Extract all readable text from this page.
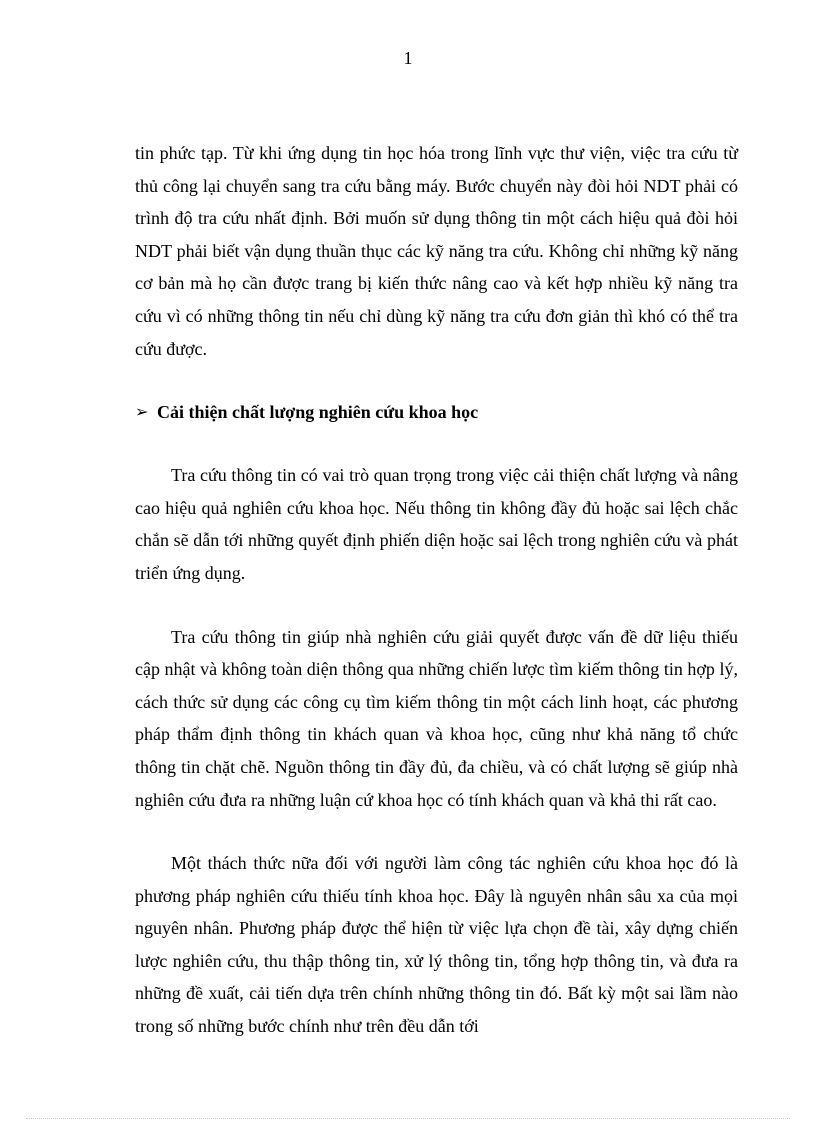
1

tin phức tạp. Từ khi ứng dụng tin học hóa trong lĩnh vực thư viện, việc tra cứu từ thủ công lại chuyển sang tra cứu bằng máy. Bước chuyển này đòi hỏi NDT phải có trình độ tra cứu nhất định. Bởi muốn sử dụng thông tin một cách hiệu quả đòi hỏi NDT phải biết vận dụng thuần thục các kỹ năng tra cứu. Không chỉ những kỹ năng cơ bản mà họ cần được trang bị kiến thức nâng cao và kết hợp nhiều kỹ năng tra cứu vì có những thông tin nếu chỉ dùng kỹ năng tra cứu đơn giản thì khó có thể tra cứu được.

➢ Cải thiện chất lượng nghiên cứu khoa học

Tra cứu thông tin có vai trò quan trọng trong việc cải thiện chất lượng và nâng cao hiệu quả nghiên cứu khoa học. Nếu thông tin không đầy đủ hoặc sai lệch chắc chắn sẽ dẫn tới những quyết định phiến diện hoặc sai lệch trong nghiên cứu và phát triển ứng dụng.

Tra cứu thông tin giúp nhà nghiên cứu giải quyết được vấn đề dữ liệu thiếu cập nhật và không toàn diện thông qua những chiến lược tìm kiếm thông tin hợp lý, cách thức sử dụng các công cụ tìm kiếm thông tin một cách linh hoạt, các phương pháp thẩm định thông tin khách quan và khoa học, cũng như khả năng tổ chức thông tin chặt chẽ. Nguồn thông tin đầy đủ, đa chiều, và có chất lượng sẽ giúp nhà nghiên cứu đưa ra những luận cứ khoa học có tính khách quan và khả thi rất cao.

Một thách thức nữa đối với người làm công tác nghiên cứu khoa học đó là phương pháp nghiên cứu thiếu tính khoa học. Đây là nguyên nhân sâu xa của mọi nguyên nhân. Phương pháp được thể hiện từ việc lựa chọn đề tài, xây dựng chiến lược nghiên cứu, thu thập thông tin, xử lý thông tin, tổng hợp thông tin, và đưa ra những đề xuất, cải tiến dựa trên chính những thông tin đó. Bất kỳ một sai lầm nào trong số những bước chính như trên đều dẫn tới
